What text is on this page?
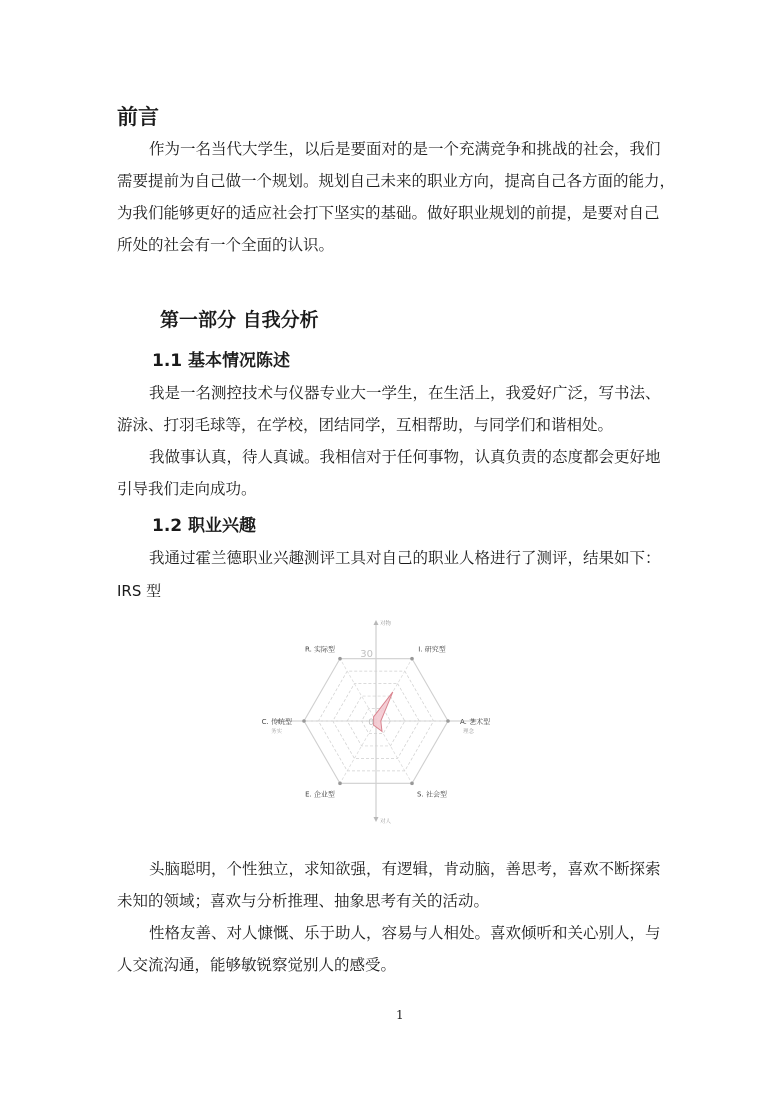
前言
作为一名当代大学生，以后是要面对的是一个充满竞争和挑战的社会，我们
需要提前为自己做一个规划。规划自己未来的职业方向，提高自己各方面的能力，
为我们能够更好的适应社会打下坚实的基础。做好职业规划的前提，是要对自己
所处的社会有一个全面的认识。
第一部分 自我分析
1.1 基本情况陈述
我是一名测控技术与仪器专业大一学生，在生活上，我爱好广泛，写书法、
游泳、打羽毛球等，在学校，团结同学，互相帮助，与同学们和谐相处。
我做事认真，待人真诚。我相信对于任何事物，认真负责的态度都会更好地
引导我们走向成功。
1.2 职业兴趣
我通过霍兰德职业兴趣测评工具对自己的职业人格进行了测评，结果如下：
IRS 型
I. 研究型
A. 艺术型
S. 社会型
E. 企业型
C. 传统型
R. 实际型
对物
对人
务实	理念
30
0
头脑聪明，个性独立，求知欲强，有逻辑，肯动脑，善思考，喜欢不断探索
未知的领域；喜欢与分析推理、抽象思考有关的活动。
性格友善、对人慷慨、乐于助人，容易与人相处。喜欢倾听和关心别人，与
人交流沟通，能够敏锐察觉别人的感受。
1
